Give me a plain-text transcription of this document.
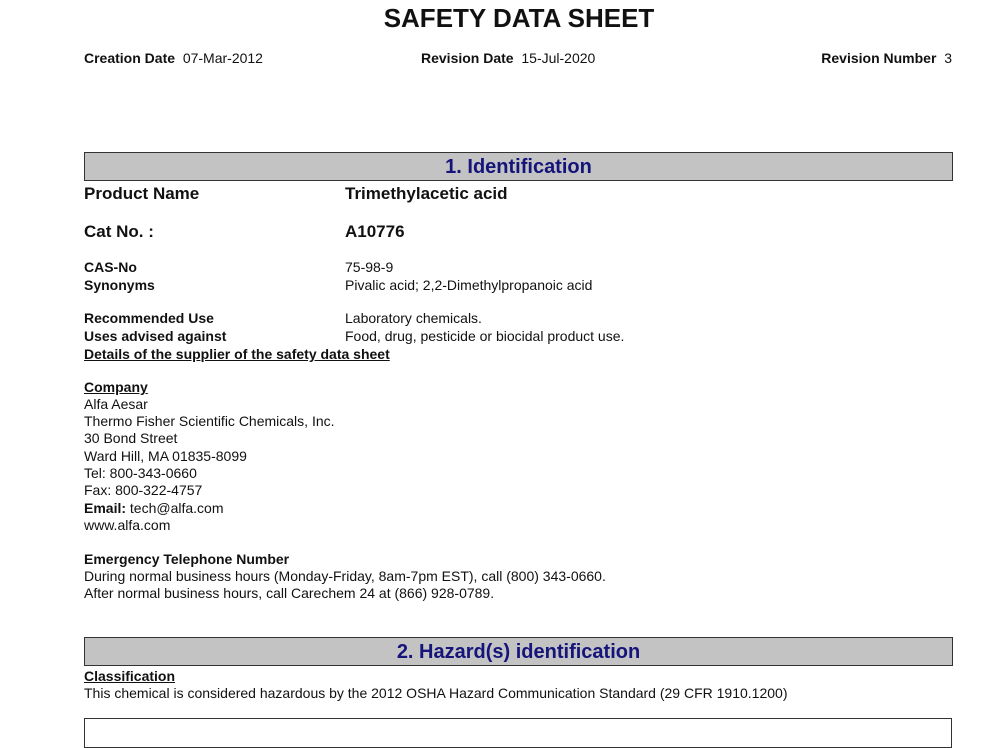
SAFETY DATA SHEET
Creation Date 07-Mar-2012	Revision Date 15-Jul-2020	Revision Number 3
1. Identification
Product Name	Trimethylacetic acid
Cat No. :	A10776
CAS-No	75-98-9
Synonyms	Pivalic acid; 2,2-Dimethylpropanoic acid
Recommended Use	Laboratory chemicals.
Uses advised against	Food, drug, pesticide or biocidal product use.
Details of the supplier of the safety data sheet
Company
Alfa Aesar
Thermo Fisher Scientific Chemicals, Inc.
30 Bond Street
Ward Hill, MA 01835-8099
Tel: 800-343-0660
Fax: 800-322-4757
Email: tech@alfa.com
www.alfa.com
Emergency Telephone Number
During normal business hours (Monday-Friday, 8am-7pm EST), call (800) 343-0660.
After normal business hours, call Carechem 24 at (866) 928-0789.
2. Hazard(s) identification
Classification
This chemical is considered hazardous by the 2012 OSHA Hazard Communication Standard (29 CFR 1910.1200)
